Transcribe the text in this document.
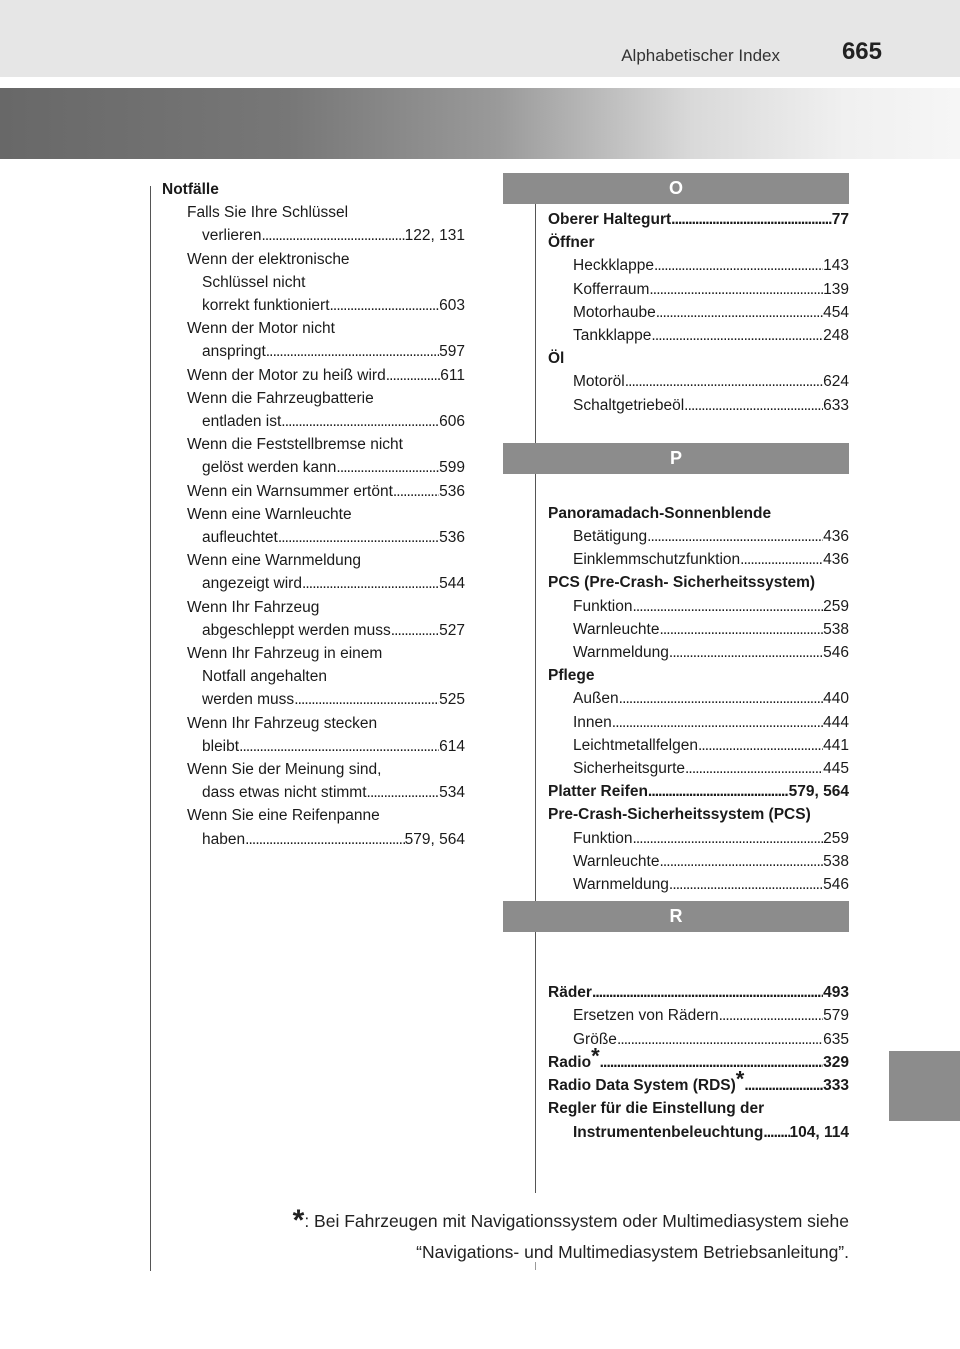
Alphabetischer Index	665
Notfälle
Falls Sie Ihre Schlüssel
verlieren . . .	122, 131
Wenn der elektronische
Schlüssel nicht
korrekt funktioniert . . .	603
Wenn der Motor nicht
anspringt . . .	597
Wenn der Motor zu heiß wird . . .	611
Wenn die Fahrzeugbatterie
entladen ist . . .	606
Wenn die Feststellbremse nicht
gelöst werden kann . . .	599
Wenn ein Warnsummer ertönt . . .	536
Wenn eine Warnleuchte
aufleuchtet . . .	536
Wenn eine Warnmeldung
angezeigt wird . . .	544
Wenn Ihr Fahrzeug
abgeschleppt werden muss . . .	527
Wenn Ihr Fahrzeug in einem
Notfall angehalten
werden muss . . .	525
Wenn Ihr Fahrzeug stecken
bleibt . . .	614
Wenn Sie der Meinung sind,
dass etwas nicht stimmt . . .	534
Wenn Sie eine Reifenpanne
haben . . .	579, 564
O
P
R
Oberer Haltegurt . . .	77
Öffner
Heckklappe . . .	143
Kofferraum . . .	139
Motorhaube . . .	454
Tankklappe . . .	248
Öl
Motoröl . . .	624
Schaltgetriebeöl . . .	633
Panoramadach-Sonnenblende
Betätigung . . .	436
Einklemmschutzfunktion . . .	436
PCS (Pre-Crash- Sicherheitssystem)
Funktion . . .	259
Warnleuchte . . .	538
Warnmeldung . . .	546
Pflege
Außen . . .	440
Innen . . .	444
Leichtmetallfelgen . . .	441
Sicherheitsgurte . . .	445
Platter Reifen . . .	579, 564
Pre-Crash-Sicherheitssystem (PCS)
Funktion . . .	259
Warnleuchte . . .	538
Warnmeldung . . .	546
Räder . . .	493
Ersetzen von Rädern . . .	579
Größe . . .	635
Radio* . . .	329
Radio Data System (RDS)* . . .	333
Regler für die Einstellung der
Instrumentenbeleuchtung . . . 104, 114
*: Bei Fahrzeugen mit Navigationssystem oder Multimediasystem siehe
“Navigations- und Multimediasystem Betriebsanleitung”.
